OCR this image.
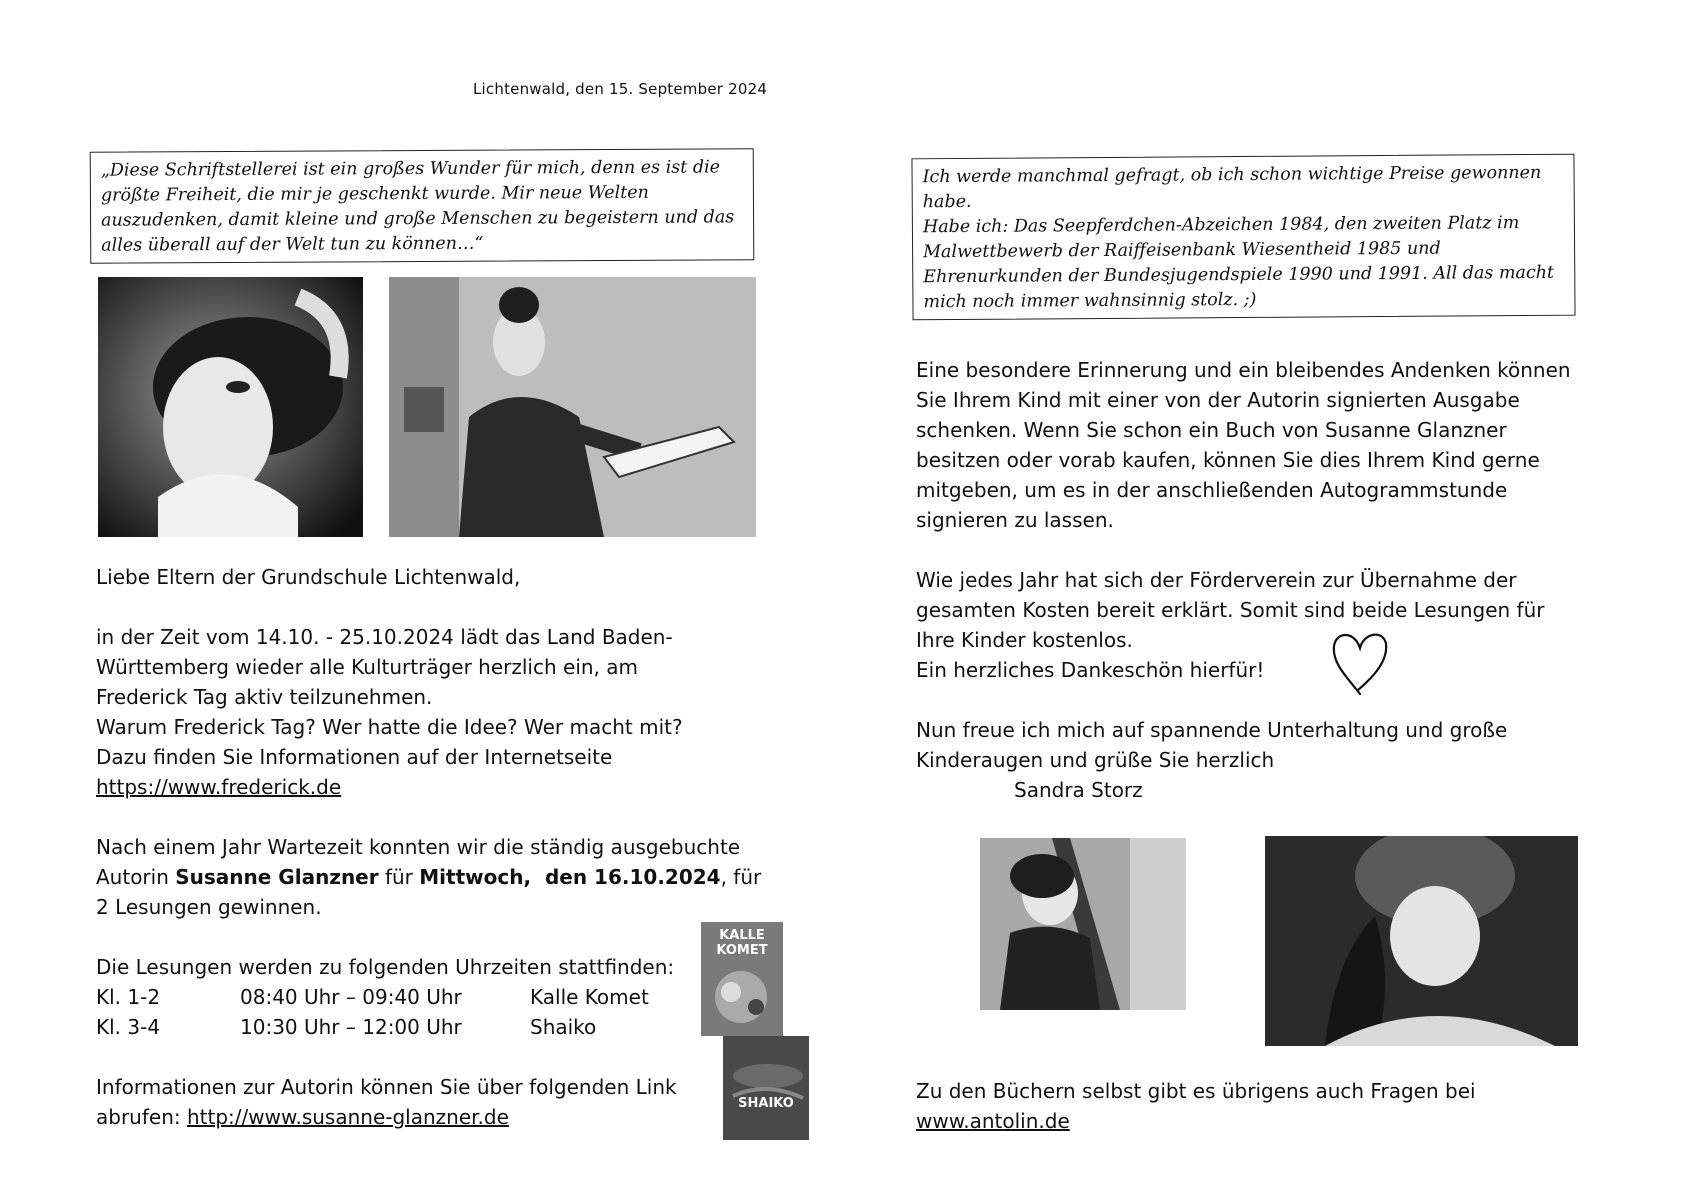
Lichtenwald, den 15. September 2024
„Diese Schriftstellerei ist ein großes Wunder für mich, denn es ist die
größte Freiheit, die mir je geschenkt wurde. Mir neue Welten
auszudenken, damit kleine und große Menschen zu begeistern und das
alles überall auf der Welt tun zu können…“
Ich werde manchmal gefragt, ob ich schon wichtige Preise gewonnen
habe.
Habe ich: Das Seepferdchen-Abzeichen 1984, den zweiten Platz im
Malwettbewerb der Raiffeisenbank Wiesentheid 1985 und
Ehrenurkunden der Bundesjugendspiele 1990 und 1991. All das macht
mich noch immer wahnsinnig stolz. ;)

Liebe Eltern der Grundschule Lichtenwald,

in der Zeit vom 14.10. - 25.10.2024 lädt das Land Baden-

Württemberg wieder alle Kulturträger herzlich ein, am

Frederick Tag aktiv teilzunehmen.

Warum Frederick Tag? Wer hatte die Idee? Wer macht mit?

Dazu finden Sie Informationen auf der Internetseite

https://www.frederick.de

Nach einem Jahr Wartezeit konnten wir die ständig ausgebuchte

Autorin Susanne Glanzner für Mittwoch,  den 16.10.2024, für

2 Lesungen gewinnen.

Die Lesungen werden zu folgenden Uhrzeiten stattfinden:

Kl. 1-2	08:40 Uhr – 09:40 Uhr	Kalle Komet
Kl. 3-4	10:30 Uhr – 12:00 Uhr	Shaiko

Informationen zur Autorin können Sie über folgenden Link

abrufen: http://www.susanne-glanzner.de

KALLE KOMET
SHAIKO

Eine besondere Erinnerung und ein bleibendes Andenken können

Sie Ihrem Kind mit einer von der Autorin signierten Ausgabe

schenken. Wenn Sie schon ein Buch von Susanne Glanzner

besitzen oder vorab kaufen, können Sie dies Ihrem Kind gerne

mitgeben, um es in der anschließenden Autogrammstunde

signieren zu lassen.

Wie jedes Jahr hat sich der Förderverein zur Übernahme der

gesamten Kosten bereit erklärt. Somit sind beide Lesungen für

Ihre Kinder kostenlos.

Ein herzliches Dankeschön hierfür!

Nun freue ich mich auf spannende Unterhaltung und große

Kinderaugen und grüße Sie herzlich

Sandra Storz

Zu den Büchern selbst gibt es übrigens auch Fragen bei

www.antolin.de
